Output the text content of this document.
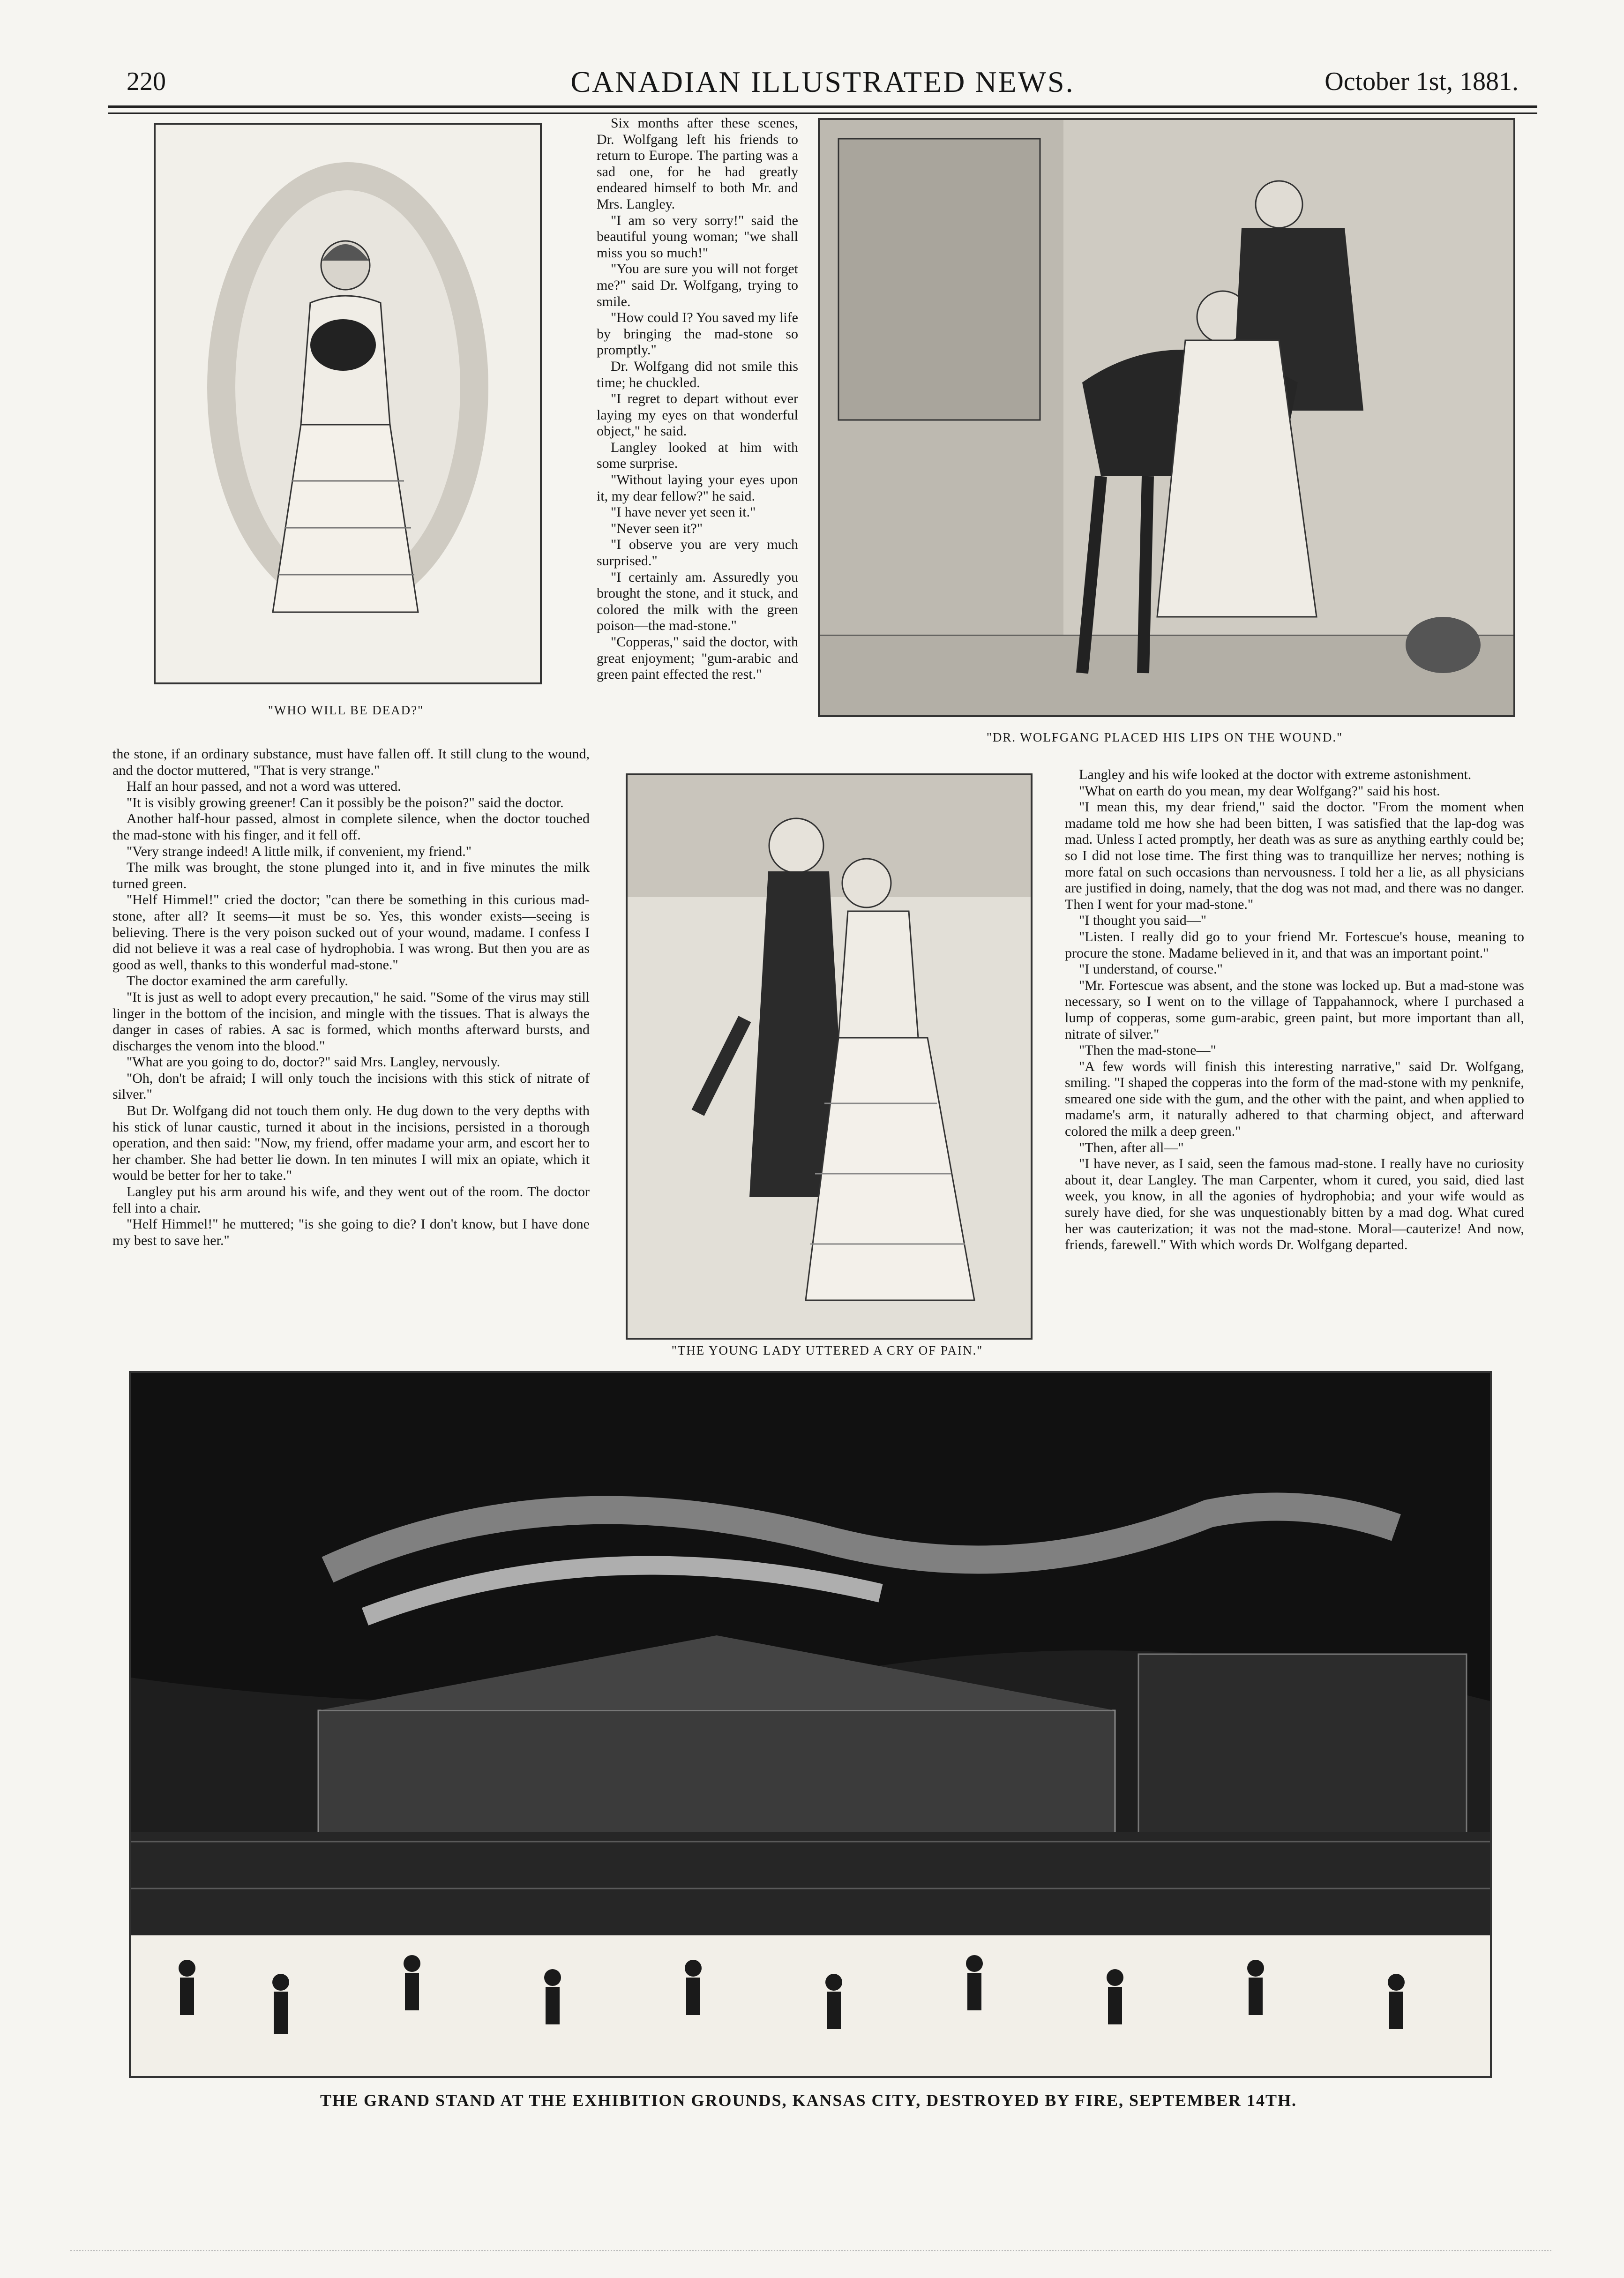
220	CANADIAN ILLUSTRATED NEWS.	October 1st, 1881.
"WHO WILL BE DEAD?"

Six months after these scenes, Dr. Wolfgang left his friends to return to Europe. The parting was a sad one, for he had greatly endeared himself to both Mr. and Mrs. Langley.

"I am so very sorry!" said the beautiful young woman; "we shall miss you so much!"

"You are sure you will not forget me?" said Dr. Wolfgang, trying to smile.

"How could I? You saved my life by bringing the mad-stone so promptly."

Dr. Wolfgang did not smile this time; he chuckled.

"I regret to depart without ever laying my eyes on that wonderful object," he said.

Langley looked at him with some surprise.

"Without laying your eyes upon it, my dear fellow?" he said.

"I have never yet seen it."

"Never seen it?"

"I observe you are very much surprised."

"I certainly am. Assuredly you brought the stone, and it stuck, and colored the milk with the green poison—the mad-stone."

"Copperas," said the doctor, with great enjoyment; "gum-arabic and green paint effected the rest."

"DR. WOLFGANG PLACED HIS LIPS ON THE WOUND."

the stone, if an ordinary substance, must have fallen off. It still clung to the wound, and the doctor muttered, "That is very strange."

Half an hour passed, and not a word was uttered.

"It is visibly growing greener! Can it possibly be the poison?" said the doctor.

Another half-hour passed, almost in complete silence, when the doctor touched the mad-stone with his finger, and it fell off.

"Very strange indeed! A little milk, if convenient, my friend."

The milk was brought, the stone plunged into it, and in five minutes the milk turned green.

"Helf Himmel!" cried the doctor; "can there be something in this curious mad-stone, after all? It seems—it must be so. Yes, this wonder exists—seeing is believing. There is the very poison sucked out of your wound, madame. I confess I did not believe it was a real case of hydrophobia. I was wrong. But then you are as good as well, thanks to this wonderful mad-stone."

The doctor examined the arm carefully.

"It is just as well to adopt every precaution," he said. "Some of the virus may still linger in the bottom of the incision, and mingle with the tissues. That is always the danger in cases of rabies. A sac is formed, which months afterward bursts, and discharges the venom into the blood."

"What are you going to do, doctor?" said Mrs. Langley, nervously.

"Oh, don't be afraid; I will only touch the incisions with this stick of nitrate of silver."

But Dr. Wolfgang did not touch them only. He dug down to the very depths with his stick of lunar caustic, turned it about in the incisions, persisted in a thorough operation, and then said: "Now, my friend, offer madame your arm, and escort her to her chamber. She had better lie down. In ten minutes I will mix an opiate, which it would be better for her to take."

Langley put his arm around his wife, and they went out of the room. The doctor fell into a chair.

"Helf Himmel!" he muttered; "is she going to die? I don't know, but I have done my best to save her."

"THE YOUNG LADY UTTERED A CRY OF PAIN."

Langley and his wife looked at the doctor with extreme astonishment.

"What on earth do you mean, my dear Wolfgang?" said his host.

"I mean this, my dear friend," said the doctor. "From the moment when madame told me how she had been bitten, I was satisfied that the lap-dog was mad. Unless I acted promptly, her death was as sure as anything earthly could be; so I did not lose time. The first thing was to tranquillize her nerves; nothing is more fatal on such occasions than nervousness. I told her a lie, as all physicians are justified in doing, namely, that the dog was not mad, and there was no danger. Then I went for your mad-stone."

"I thought you said—"

"Listen. I really did go to your friend Mr. Fortescue's house, meaning to procure the stone. Madame believed in it, and that was an important point."

"I understand, of course."

"Mr. Fortescue was absent, and the stone was locked up. But a mad-stone was necessary, so I went on to the village of Tappahannock, where I purchased a lump of copperas, some gum-arabic, green paint, but more important than all, nitrate of silver."

"Then the mad-stone—"

"A few words will finish this interesting narrative," said Dr. Wolfgang, smiling. "I shaped the copperas into the form of the mad-stone with my penknife, smeared one side with the gum, and the other with the paint, and when applied to madame's arm, it naturally adhered to that charming object, and afterward colored the milk a deep green."

"Then, after all—"

"I have never, as I said, seen the famous mad-stone. I really have no curiosity about it, dear Langley. The man Carpenter, whom it cured, you said, died last week, you know, in all the agonies of hydrophobia; and your wife would as surely have died, for she was unquestionably bitten by a mad dog. What cured her was cauterization; it was not the mad-stone. Moral—cauterize! And now, friends, farewell." With which words Dr. Wolfgang departed.

THE GRAND STAND AT THE EXHIBITION GROUNDS, KANSAS CITY, DESTROYED BY FIRE, SEPTEMBER 14TH.
